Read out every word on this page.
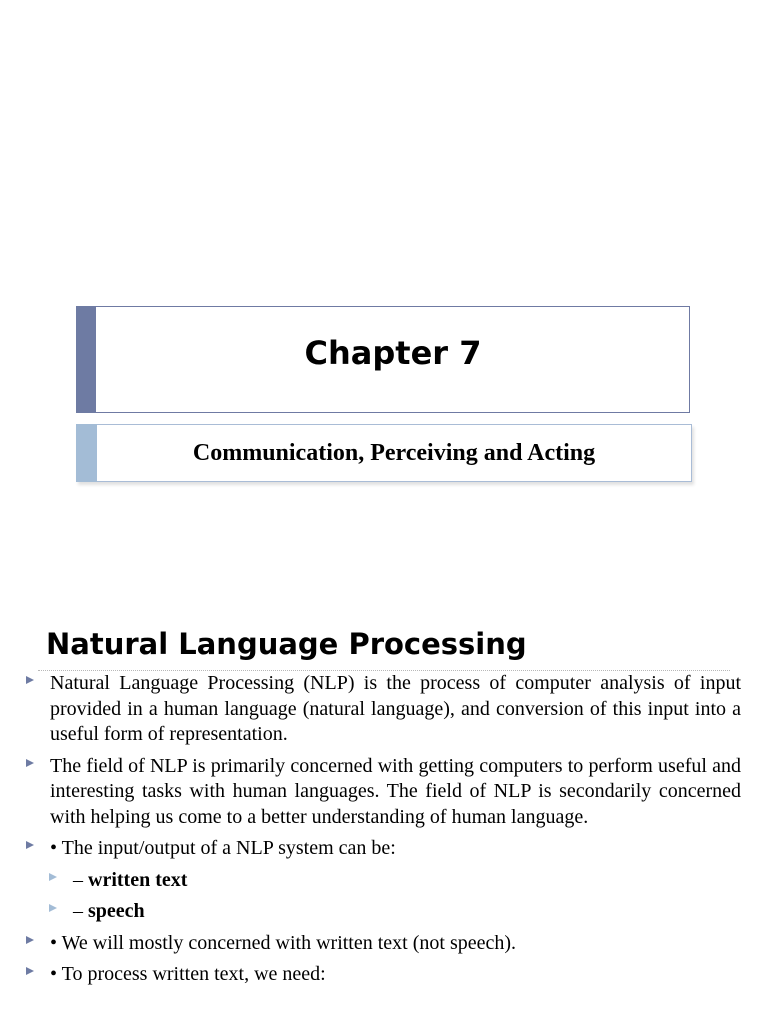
Chapter 7
Communication, Perceiving and Acting
Natural Language Processing
Natural Language Processing (NLP) is the process of computer analysis of input provided in a human language (natural language), and conversion of this input into a useful form of representation.
The field of NLP is primarily concerned with getting computers to perform useful and interesting tasks with human languages. The field of NLP is secondarily concerned with helping us come to a better understanding of human language.
• The input/output of a NLP system can be:
– written text
– speech
• We will mostly concerned with written text (not speech).
• To process written text, we need:
